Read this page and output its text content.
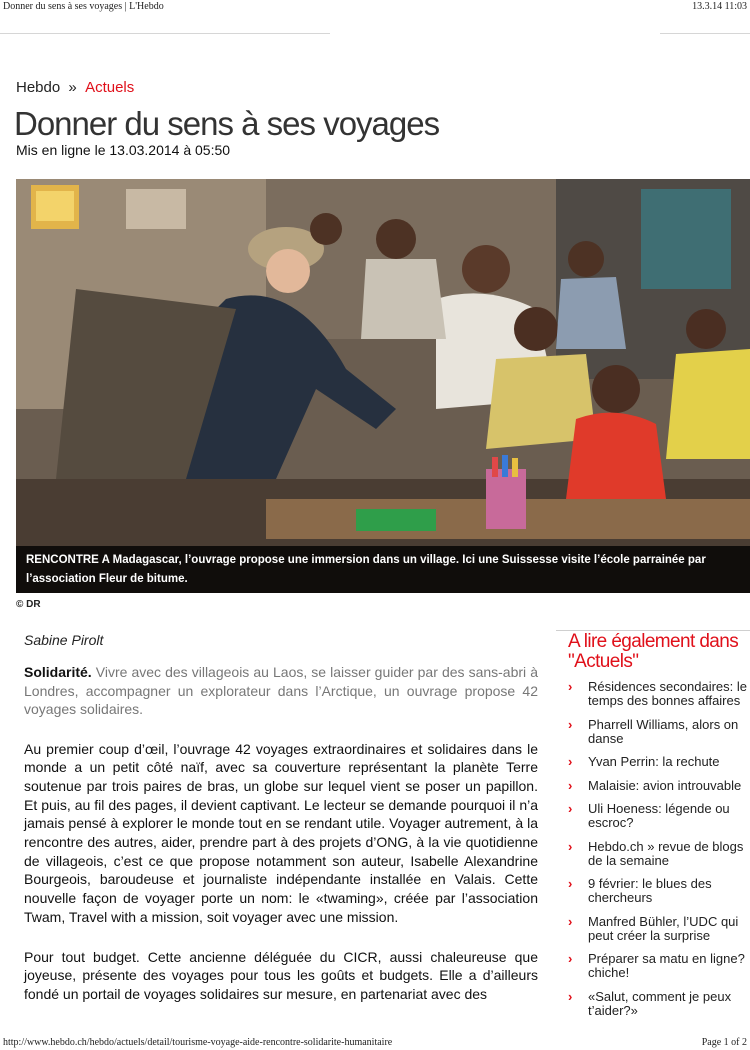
Donner du sens à ses voyages | L'Hebdo	13.3.14 11:03
Hebdo » Actuels
Donner du sens à ses voyages
Mis en ligne le 13.03.2014 à 05:50
RENCONTRE A Madagascar, l’ouvrage propose une immersion dans un village. Ici une Suissesse visite l’école parrainée par l’association Fleur de bitume.
© DR
Sabine Pirolt

Solidarité. Vivre avec des villageois au Laos, se laisser guider par des sans-abri à Londres, accompagner un explorateur dans l’Arctique, un ouvrage propose 42 voyages solidaires.

Au premier coup d’œil, l’ouvrage 42 voyages extraordinaires et solidaires dans le monde a un petit côté naïf, avec sa couverture représentant la planète Terre soutenue par trois paires de bras, un globe sur lequel vient se poser un papillon. Et puis, au fil des pages, il devient captivant. Le lecteur se demande pourquoi il n’a jamais pensé à explorer le monde tout en se rendant utile. Voyager autrement, à la rencontre des autres, aider, prendre part à des projets d’ONG, à la vie quotidienne de villageois, c’est ce que propose notamment son auteur, Isabelle Alexandrine Bourgeois, baroudeuse et journaliste indépendante installée en Valais. Cette nouvelle façon de voyager porte un nom: le «twaming», créée par l’association Twam, Travel with a mission, soit voyager avec une mission.

Pour tout budget. Cette ancienne déléguée du CICR, aussi chaleureuse que joyeuse, présente des voyages pour tous les goûts et budgets. Elle a d’ailleurs fondé un portail de voyages solidaires sur mesure, en partenariat avec des

A lire également dans "Actuels"
› Résidences secondaires: le temps des bonnes affaires
› Pharrell Williams, alors on danse
› Yvan Perrin: la rechute
› Malaisie: avion introuvable
› Uli Hoeness: légende ou escroc?
› Hebdo.ch » revue de blogs de la semaine
› 9 février: le blues des chercheurs
› Manfred Bühler, l’UDC qui peut créer la surprise
› Préparer sa matu en ligne? chiche!
› «Salut, comment je peux t’aider?»
http://www.hebdo.ch/hebdo/actuels/detail/tourisme-voyage-aide-rencontre-solidarite-humanitaire	Page 1 of 2
